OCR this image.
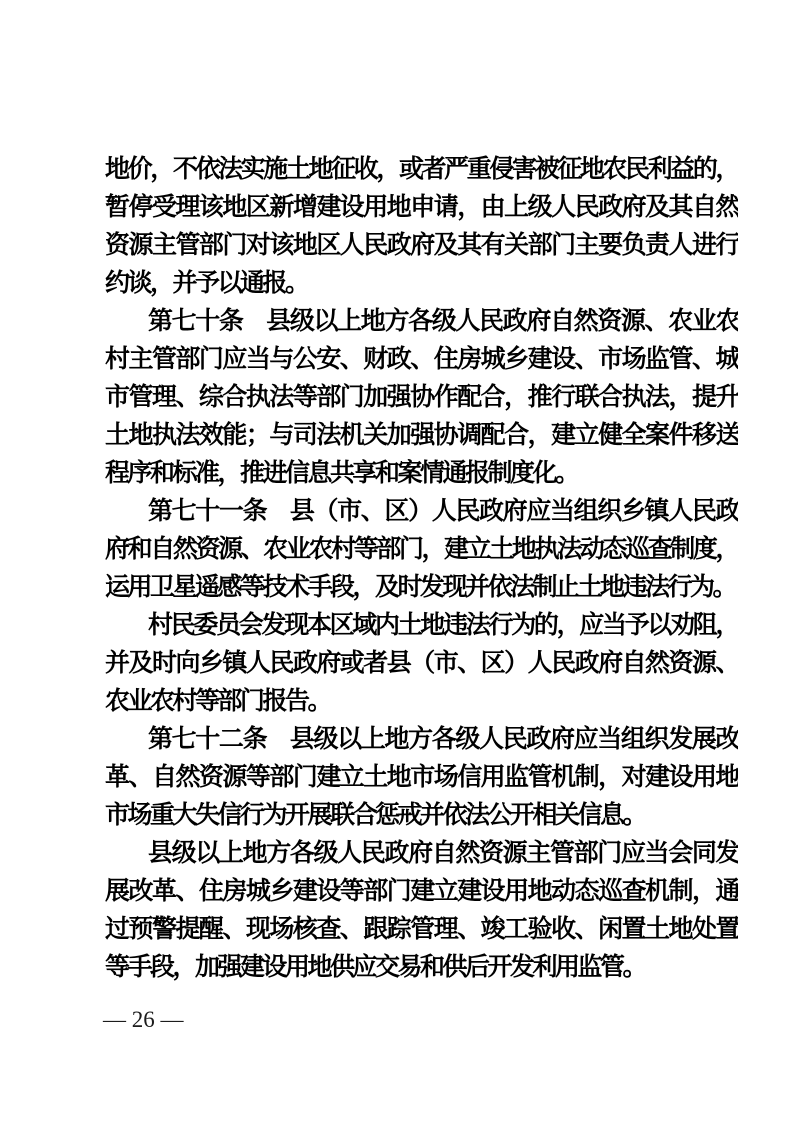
地价，不依法实施土地征收，或者严重侵害被征地农民利益的，
暂停受理该地区新增建设用地申请，由上级人民政府及其自然
资源主管部门对该地区人民政府及其有关部门主要负责人进行
约谈，并予以通报。
第七十条　县级以上地方各级人民政府自然资源、农业农
村主管部门应当与公安、财政、住房城乡建设、市场监管、城
市管理、综合执法等部门加强协作配合，推行联合执法，提升
土地执法效能；与司法机关加强协调配合，建立健全案件移送
程序和标准，推进信息共享和案情通报制度化。
第七十一条　县（市、区）人民政府应当组织乡镇人民政
府和自然资源、农业农村等部门，建立土地执法动态巡查制度，
运用卫星遥感等技术手段，及时发现并依法制止土地违法行为。
村民委员会发现本区域内土地违法行为的，应当予以劝阻，
并及时向乡镇人民政府或者县（市、区）人民政府自然资源、
农业农村等部门报告。
第七十二条　县级以上地方各级人民政府应当组织发展改
革、自然资源等部门建立土地市场信用监管机制，对建设用地
市场重大失信行为开展联合惩戒并依法公开相关信息。
县级以上地方各级人民政府自然资源主管部门应当会同发
展改革、住房城乡建设等部门建立建设用地动态巡查机制，通
过预警提醒、现场核查、跟踪管理、竣工验收、闲置土地处置
等手段，加强建设用地供应交易和供后开发利用监管。
— 26 —
